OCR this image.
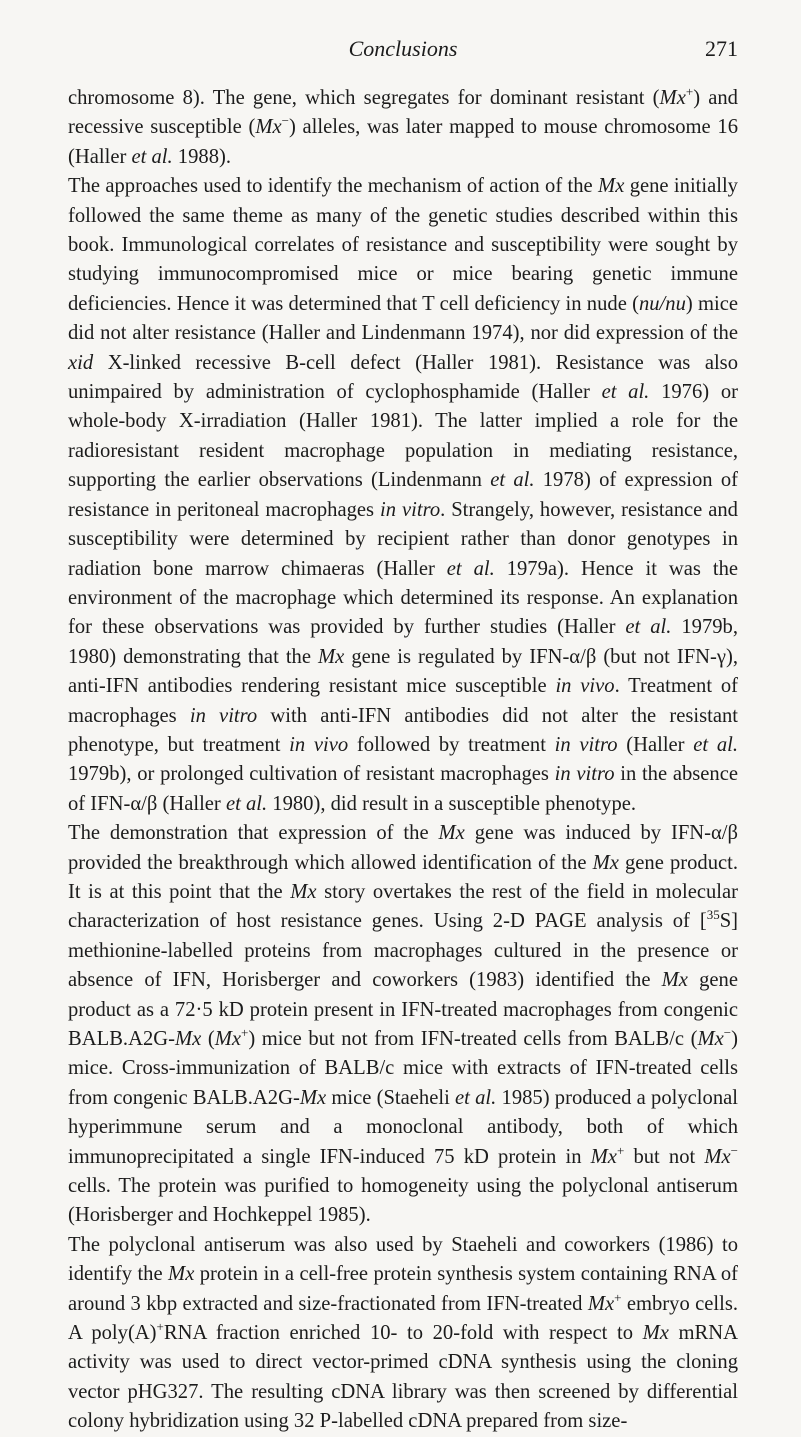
Conclusions	271

chromosome 8). The gene, which segregates for dominant resistant (Mx+) and recessive susceptible (Mx−) alleles, was later mapped to mouse chromosome 16 (Haller et al. 1988).

The approaches used to identify the mechanism of action of the Mx gene initially followed the same theme as many of the genetic studies described within this book. Immunological correlates of resistance and susceptibility were sought by studying immunocompromised mice or mice bearing genetic immune deficiencies. Hence it was determined that T cell deficiency in nude (nu/nu) mice did not alter resistance (Haller and Lindenmann 1974), nor did expression of the xid X-linked recessive B-cell defect (Haller 1981). Resistance was also unimpaired by administration of cyclophosphamide (Haller et al. 1976) or whole-body X-irradiation (Haller 1981). The latter implied a role for the radioresistant resident macrophage population in mediating resistance, supporting the earlier observations (Lindenmann et al. 1978) of expression of resistance in peritoneal macrophages in vitro. Strangely, however, resistance and susceptibility were determined by recipient rather than donor genotypes in radiation bone marrow chimaeras (Haller et al. 1979a). Hence it was the environment of the macrophage which determined its response. An explanation for these observations was provided by further studies (Haller et al. 1979b, 1980) demonstrating that the Mx gene is regulated by IFN-α/β (but not IFN-γ), anti-IFN antibodies rendering resistant mice susceptible in vivo. Treatment of macrophages in vitro with anti-IFN antibodies did not alter the resistant phenotype, but treatment in vivo followed by treatment in vitro (Haller et al. 1979b), or prolonged cultivation of resistant macrophages in vitro in the absence of IFN-α/β (Haller et al. 1980), did result in a susceptible phenotype.

The demonstration that expression of the Mx gene was induced by IFN-α/β provided the breakthrough which allowed identification of the Mx gene product. It is at this point that the Mx story overtakes the rest of the field in molecular characterization of host resistance genes. Using 2-D PAGE analysis of [$^{35}$S] methionine-labelled proteins from macrophages cultured in the presence or absence of IFN, Horisberger and coworkers (1983) identified the Mx gene product as a 72·5 kD protein present in IFN-treated macrophages from congenic BALB.A2G-Mx (Mx+) mice but not from IFN-treated cells from BALB/c (Mx−) mice. Cross-immunization of BALB/c mice with extracts of IFN-treated cells from congenic BALB.A2G-Mx mice (Staeheli et al. 1985) produced a polyclonal hyperimmune serum and a monoclonal antibody, both of which immunoprecipitated a single IFN-induced 75 kD protein in Mx+ but not Mx− cells. The protein was purified to homogeneity using the polyclonal antiserum (Horisberger and Hochkeppel 1985).

The polyclonal antiserum was also used by Staeheli and coworkers (1986) to identify the Mx protein in a cell-free protein synthesis system containing RNA of around 3 kbp extracted and size-fractionated from IFN-treated Mx+ embryo cells. A poly(A)+RNA fraction enriched 10- to 20-fold with respect to Mx mRNA activity was used to direct vector-primed cDNA synthesis using the cloning vector pHG327. The resulting cDNA library was then screened by differential colony hybridization using 32 P-labelled cDNA prepared from size-
